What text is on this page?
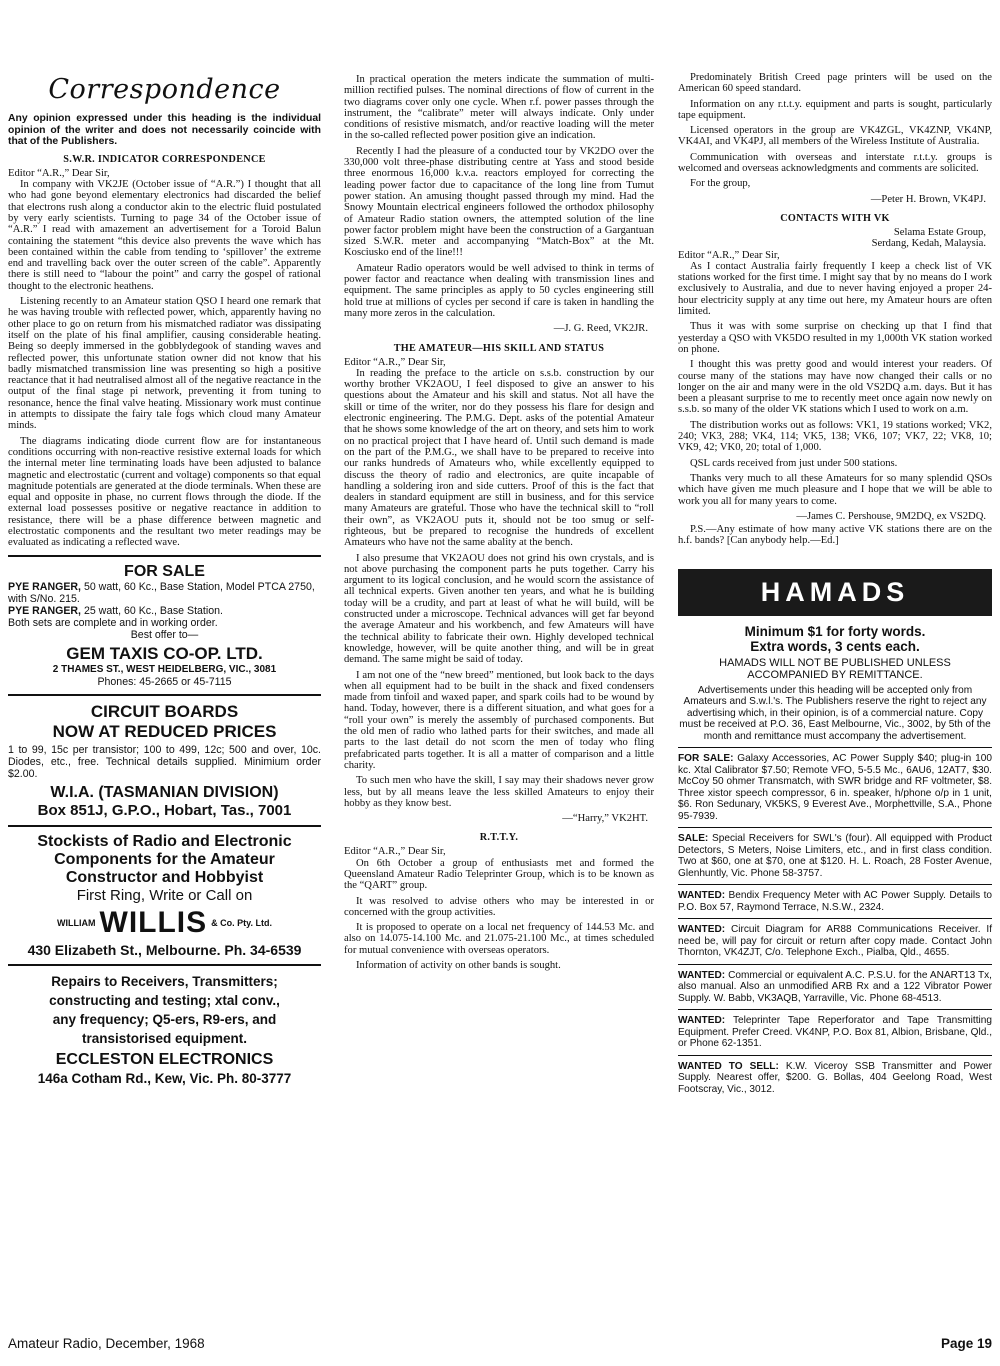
Correspondence

Any opinion expressed under this heading is the individual opinion of the writer and does not necessarily coincide with that of the Publishers.

S.W.R. INDICATOR CORRESPONDENCE

Editor “A.R.,” Dear Sir,

In company with VK2JE (October issue of “A.R.”) I thought that all who had gone beyond elementary electronics had discarded the belief that electrons rush along a conductor akin to the electric fluid postulated by very early scientists. Turning to page 34 of the October issue of “A.R.” I read with amazement an advertisement for a Toroid Balun containing the statement “this device also prevents the wave which has been contained within the cable from tending to ‘spillover’ the extreme end and travelling back over the outer screen of the cable”. Apparently there is still need to “labour the point” and carry the gospel of rational thought to the electronic heathens.

Listening recently to an Amateur station QSO I heard one remark that he was having trouble with reflected power, which, apparently having no other place to go on return from his mismatched radiator was dissipating itself on the plate of his final amplifier, causing considerable heating. Being so deeply immersed in the gobblydegook of standing waves and reflected power, this unfortunate station owner did not know that his badly mismatched transmission line was presenting so high a positive reactance that it had neutralised almost all of the negative reactance in the output of the final stage pi network, preventing it from tuning to resonance, hence the final valve heating. Missionary work must continue in attempts to dissipate the fairy tale fogs which cloud many Amateur minds.

The diagrams indicating diode current flow are for instantaneous conditions occurring with non-reactive resistive external loads for which the internal meter line terminating loads have been adjusted to balance magnetic and electrostatic (current and voltage) components so that equal magnitude potentials are generated at the diode terminals. When these are equal and opposite in phase, no current flows through the diode. If the external load possesses positive or negative reactance in addition to resistance, there will be a phase difference between magnetic and electrostatic components and the resultant two meter readings may be evaluated as indicating a reflected wave.

FOR SALE
PYE RANGER, 50 watt, 60 Kc., Base Station, Model PTCA 2750, with S/No. 215.
PYE RANGER, 25 watt, 60 Kc., Base Station.
Both sets are complete and in working order.
Best offer to—
GEM TAXIS CO-OP. LTD.
2 THAMES ST., WEST HEIDELBERG, VIC., 3081
Phones: 45-2665 or 45-7115
CIRCUIT BOARDS
NOW AT REDUCED PRICES
1 to 99, 15c per transistor; 100 to 499, 12c; 500 and over, 10c. Diodes, etc., free. Technical details supplied. Minimium order $2.00.
W.I.A. (TASMANIAN DIVISION)
Box 851J, G.P.O., Hobart, Tas., 7001
Stockists of Radio and Electronic
Components for the Amateur
Constructor and Hobbyist
First Ring, Write or Call on
WILLIAM WILLIS & Co. Pty. Ltd.
430 Elizabeth St., Melbourne. Ph. 34-6539
Repairs to Receivers, Transmitters;
constructing and testing; xtal conv.,
any frequency; Q5-ers, R9-ers, and
transistorised equipment.
ECCLESTON ELECTRONICS
146a Cotham Rd., Kew, Vic. Ph. 80-3777

In practical operation the meters indicate the summation of multi-million rectified pulses. The nominal directions of flow of current in the two diagrams cover only one cycle. When r.f. power passes through the instrument, the “calibrate” meter will always indicate. Only under conditions of resistive mismatch, and/or reactive loading will the meter in the so-called reflected power position give an indication.

Recently I had the pleasure of a conducted tour by VK2DO over the 330,000 volt three-phase distributing centre at Yass and stood beside three enormous 16,000 k.v.a. reactors employed for correcting the leading power factor due to capacitance of the long line from Tumut power station. An amusing thought passed through my mind. Had the Snowy Mountain electrical engineers followed the orthodox philosophy of Amateur Radio station owners, the attempted solution of the line power factor problem might have been the construction of a Gargantuan sized S.W.R. meter and accompanying “Match-Box” at the Mt. Kosciusko end of the line!!!

Amateur Radio operators would be well advised to think in terms of power factor and reactance when dealing with transmission lines and equipment. The same principles as apply to 50 cycles engineering still hold true at millions of cycles per second if care is taken in handling the many more zeros in the calculation.

—J. G. Reed, VK2JR.

THE AMATEUR—HIS SKILL AND STATUS

Editor “A.R.,” Dear Sir,

In reading the preface to the article on s.s.b. construction by our worthy brother VK2AOU, I feel disposed to give an answer to his questions about the Amateur and his skill and status. Not all have the skill or time of the writer, nor do they possess his flare for design and electronic engineering. The P.M.G. Dept. asks of the potential Amateur that he shows some knowledge of the art on theory, and sets him to work on no practical project that I have heard of. Until such demand is made on the part of the P.M.G., we shall have to be prepared to receive into our ranks hundreds of Amateurs who, while excellently equipped to discuss the theory of radio and electronics, are quite incapable of handling a soldering iron and side cutters. Proof of this is the fact that dealers in standard equipment are still in business, and for this service many Amateurs are grateful. Those who have the technical skill to “roll their own”, as VK2AOU puts it, should not be too smug or self-righteous, but be prepared to recognise the hundreds of excellent Amateurs who have not the same abality at the bench.

I also presume that VK2AOU does not grind his own crystals, and is not above purchasing the component parts he puts together. Carry his argument to its logical conclusion, and he would scorn the assistance of all technical experts. Given another ten years, and what he is building today will be a crudity, and part at least of what he will build, will be constructed under a microscope. Technical advances will get far beyond the average Amateur and his workbench, and few Amateurs will have the technical ability to fabricate their own. Highly developed technical knowledge, however, will be quite another thing, and will be in great demand. The same might be said of today.

I am not one of the “new breed” mentioned, but look back to the days when all equipment had to be built in the shack and fixed condensers made from tinfoil and waxed paper, and spark coils had to be wound by hand. Today, however, there is a different situation, and what goes for a “roll your own” is merely the assembly of purchased components. But the old men of radio who lathed parts for their switches, and made all parts to the last detail do not scorn the men of today who fling prefabricated parts together. It is all a matter of comparison and a little charity.

To such men who have the skill, I say may their shadows never grow less, but by all means leave the less skilled Amateurs to enjoy their hobby as they know best.

—“Harry,” VK2HT.

R.T.T.Y.

Editor “A.R.,” Dear Sir,

On 6th October a group of enthusiasts met and formed the Queensland Amateur Radio Teleprinter Group, which is to be known as the “QART” group.

It was resolved to advise others who may be interested in or concerned with the group activities.

It is proposed to operate on a local net frequency of 144.53 Mc. and also on 14.075-14.100 Mc. and 21.075-21.100 Mc., at times scheduled for mutual convenience with overseas operators.

Information of activity on other bands is sought.

Predominately British Creed page printers will be used on the American 60 speed standard.

Information on any r.t.t.y. equipment and parts is sought, particularly tape equipment.

Licensed operators in the group are VK4ZGL, VK4ZNP, VK4NP, VK4AI, and VK4PJ, all members of the Wireless Institute of Australia.

Communication with overseas and interstate r.t.t.y. groups is welcomed and overseas acknowledgments and comments are solicited.

For the group,

—Peter H. Brown, VK4PJ.

CONTACTS WITH VK

Selama Estate Group,

Serdang, Kedah, Malaysia.

Editor “A.R.,” Dear Sir,

As I contact Australia fairly frequently I keep a check list of VK stations worked for the first time. I might say that by no means do I work exclusively to Australia, and due to never having enjoyed a proper 24-hour electricity supply at any time out here, my Amateur hours are often limited.

Thus it was with some surprise on checking up that I find that yesterday a QSO with VK5DO resulted in my 1,000th VK station worked on phone.

I thought this was pretty good and would interest your readers. Of course many of the stations may have now changed their calls or no longer on the air and many were in the old VS2DQ a.m. days. But it has been a pleasant surprise to me to recently meet once again now newly on s.s.b. so many of the older VK stations which I used to work on a.m.

The distribution works out as follows: VK1, 19 stations worked; VK2, 240; VK3, 288; VK4, 114; VK5, 138; VK6, 107; VK7, 22; VK8, 10; VK9, 42; VK0, 20; total of 1,000.

QSL cards received from just under 500 stations.

Thanks very much to all these Amateurs for so many splendid QSOs which have given me much pleasure and I hope that we will be able to work you all for many years to come.

—James C. Pershouse, 9M2DQ, ex VS2DQ.

P.S.—Any estimate of how many active VK stations there are on the h.f. bands? [Can anybody help.—Ed.]

HAMADS
Minimum $1 for forty words.
Extra words, 3 cents each.
HAMADS WILL NOT BE PUBLISHED UNLESS
ACCOMPANIED BY REMITTANCE.

Advertisements under this heading will be accepted only from Amateurs and S.w.l.'s. The Publishers reserve the right to reject any advertising which, in their opinion, is of a commercial nature. Copy must be received at P.O. 36, East Melbourne, Vic., 3002, by 5th of the month and remittance must accompany the advertisement.

FOR SALE: Galaxy Accessories, AC Power Supply $40; plug-in 100 kc. Xtal Calibrator $7.50; Remote VFO, 5-5.5 Mc., 6AU6, 12AT7, $30. McCoy 50 ohmer Transmatch, with SWR bridge and RF voltmeter, $8. Three xistor speech compressor, 6 in. speaker, h/phone o/p in 1 unit, $6. Ron Sedunary, VK5KS, 9 Everest Ave., Morphettville, S.A., Phone 95-7939.

SALE: Special Receivers for SWL's (four). All equipped with Product Detectors, S Meters, Noise Limiters, etc., and in first class condition. Two at $60, one at $70, one at $120. H. L. Roach, 28 Foster Avenue, Glenhuntly, Vic. Phone 58-3757.

WANTED: Bendix Frequency Meter with AC Power Supply. Details to P.O. Box 57, Raymond Terrace, N.S.W., 2324.

WANTED: Circuit Diagram for AR88 Communications Receiver. If need be, will pay for circuit or return after copy made. Contact John Thornton, VK4ZJT, C/o. Telephone Exch., Pialba, Qld., 4655.

WANTED: Commercial or equivalent A.C. P.S.U. for the ANART13 Tx, also manual. Also an unmodified ARB Rx and a 122 Vibrator Power Supply. W. Babb, VK3AQB, Yarraville, Vic. Phone 68-4513.

WANTED: Teleprinter Tape Reperforator and Tape Transmitting Equipment. Prefer Creed. VK4NP, P.O. Box 81, Albion, Brisbane, Qld., or Phone 62-1351.

WANTED TO SELL: K.W. Viceroy SSB Transmitter and Power Supply. Nearest offer, $200. G. Bollas, 404 Geelong Road, West Footscray, Vic., 3012.

Amateur Radio, December, 1968	Page 19
